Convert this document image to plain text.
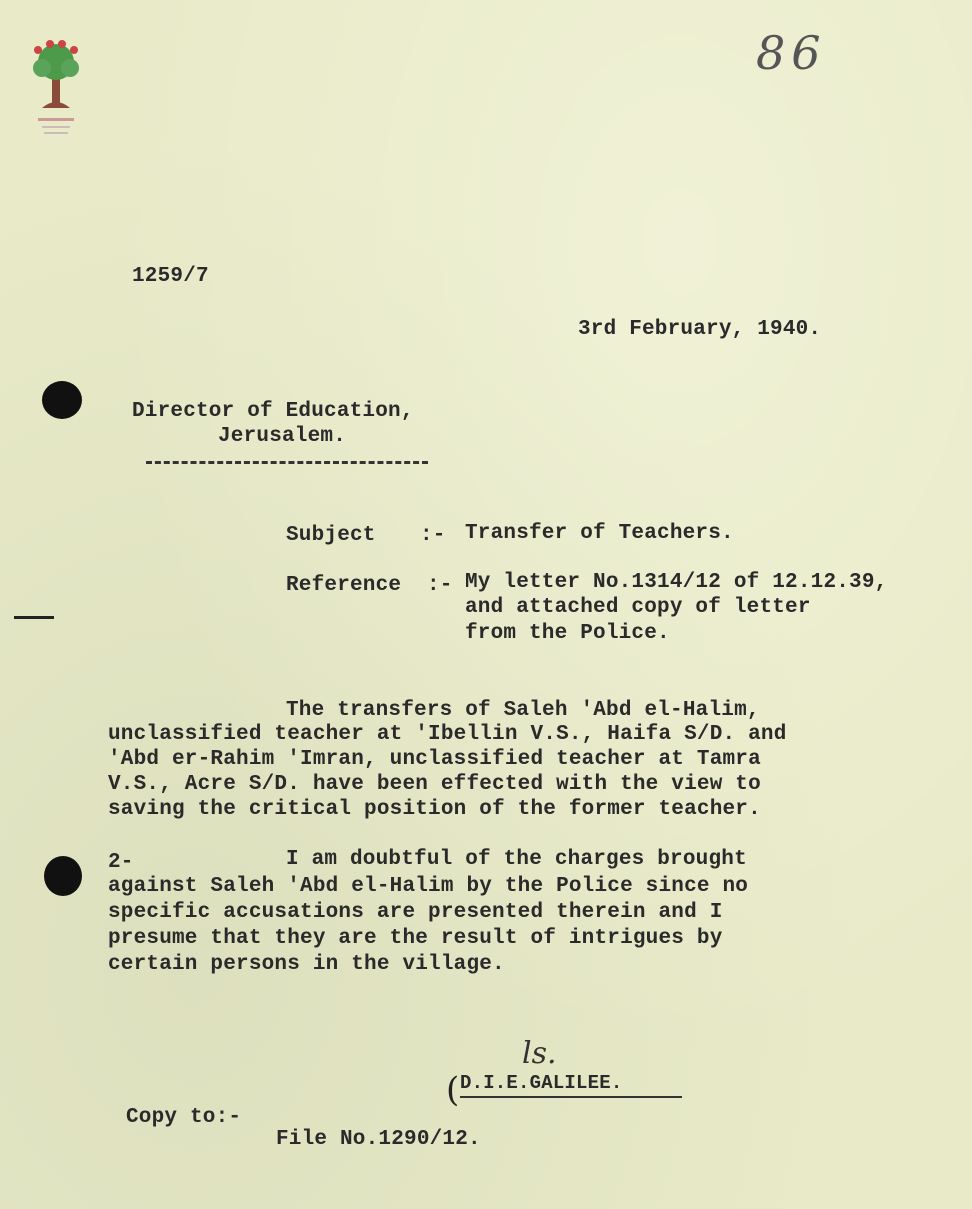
86
1259/7
3rd February, 1940.
Director of Education,
Jerusalem.
Subject :- Transfer of Teachers.
Reference :- My letter No.1314/12 of 12.12.39,
and attached copy of letter
from the Police.
The transfers of Saleh 'Abd el-Halim,
unclassified teacher at 'Ibellin V.S., Haifa S/D. and
'Abd er-Rahim 'Imran, unclassified teacher at Tamra
V.S., Acre S/D. have been effected with the view to
saving the critical position of the former teacher.
2-	I am doubtful of the charges brought
against Saleh 'Abd el-Halim by the Police since no
specific accusations are presented therein and I
presume that they are the result of intrigues by
certain persons in the village.
ls.
( D.I.E.GALILEE.
Copy to:-
File No.1290/12.
